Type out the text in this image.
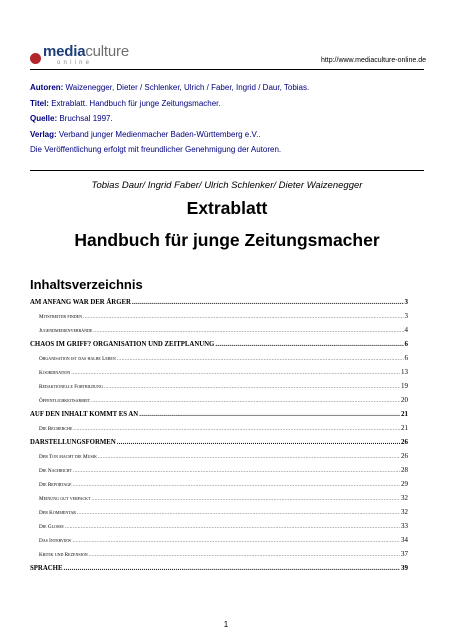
mediaculture
online	http://www.mediaculture-online.de
Autoren: Waizenegger, Dieter / Schlenker, Ulrich / Faber, Ingrid / Daur, Tobias.
Titel: Extrablatt. Handbuch für junge Zeitungsmacher.
Quelle: Bruchsal 1997.
Verlag: Verband junger Medienmacher Baden-Württemberg e.V..
Die Veröffentlichung erfolgt mit freundlicher Genehmigung der Autoren.
Tobias Daur/ Ingrid Faber/ Ulrich Schlenker/ Dieter Waizenegger
Extrablatt
Handbuch für junge Zeitungsmacher
Inhaltsverzeichnis
AM ANFANG WAR DER ÄRGER .....	3
Mitstreiter finden .....	3
Jugendmedienverbände .....	4
CHAOS IM GRIFF? ORGANISATION UND ZEITPLANUNG .....	6
Organisation ist das halbe Leben .....	6
Koordination .....	13
Redaktionelle Fortbildung .....	19
Öffentlichkeitsarbeit .....	20
AUF DEN INHALT KOMMT ES AN .....	21
Die Recherche .....	21
DARSTELLUNGSFORMEN .....	26
Der Ton macht die Musik .....	26
Die Nachricht .....	28
Die Reportage .....	29
Meinung gut verpackt .....	32
Der Kommentar .....	32
Die Glosse .....	33
Das Interview .....	34
Kritik und Rezension .....	37
SPRACHE .....	39
1
